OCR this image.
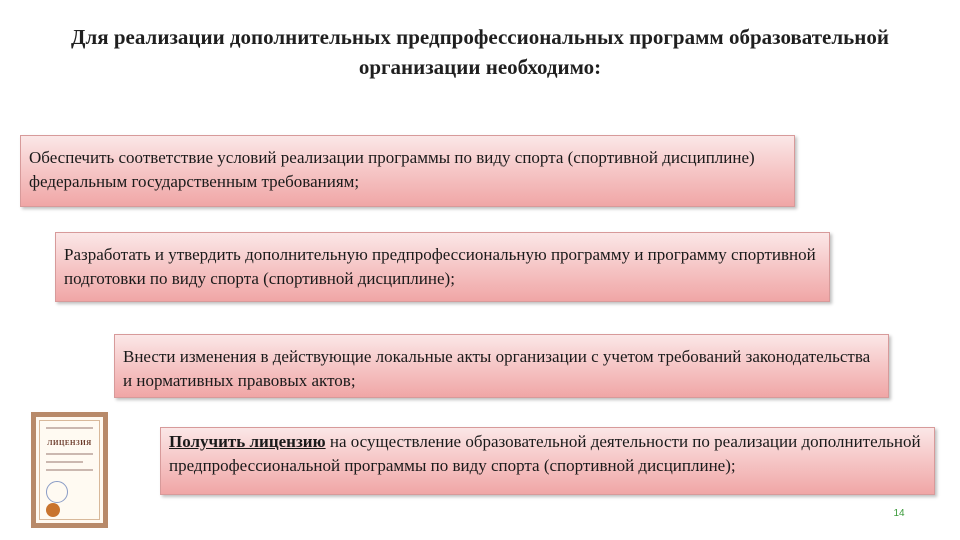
Для реализации дополнительных предпрофессиональных программ образовательной организации необходимо:
Обеспечить соответствие условий реализации программы по виду спорта (спортивной дисциплине) федеральным государственным требованиям;
Разработать и утвердить дополнительную предпрофессиональную программу и программу спортивной подготовки по виду спорта (спортивной дисциплине);
Внести изменения в действующие локальные акты организации с учетом требований законодательства и нормативных правовых актов;
Получить лицензию на осуществление образовательной деятельности по реализации дополнительной предпрофессиональной программы по виду спорта (спортивной дисциплине);
ЛИЦЕНЗИЯ
14
